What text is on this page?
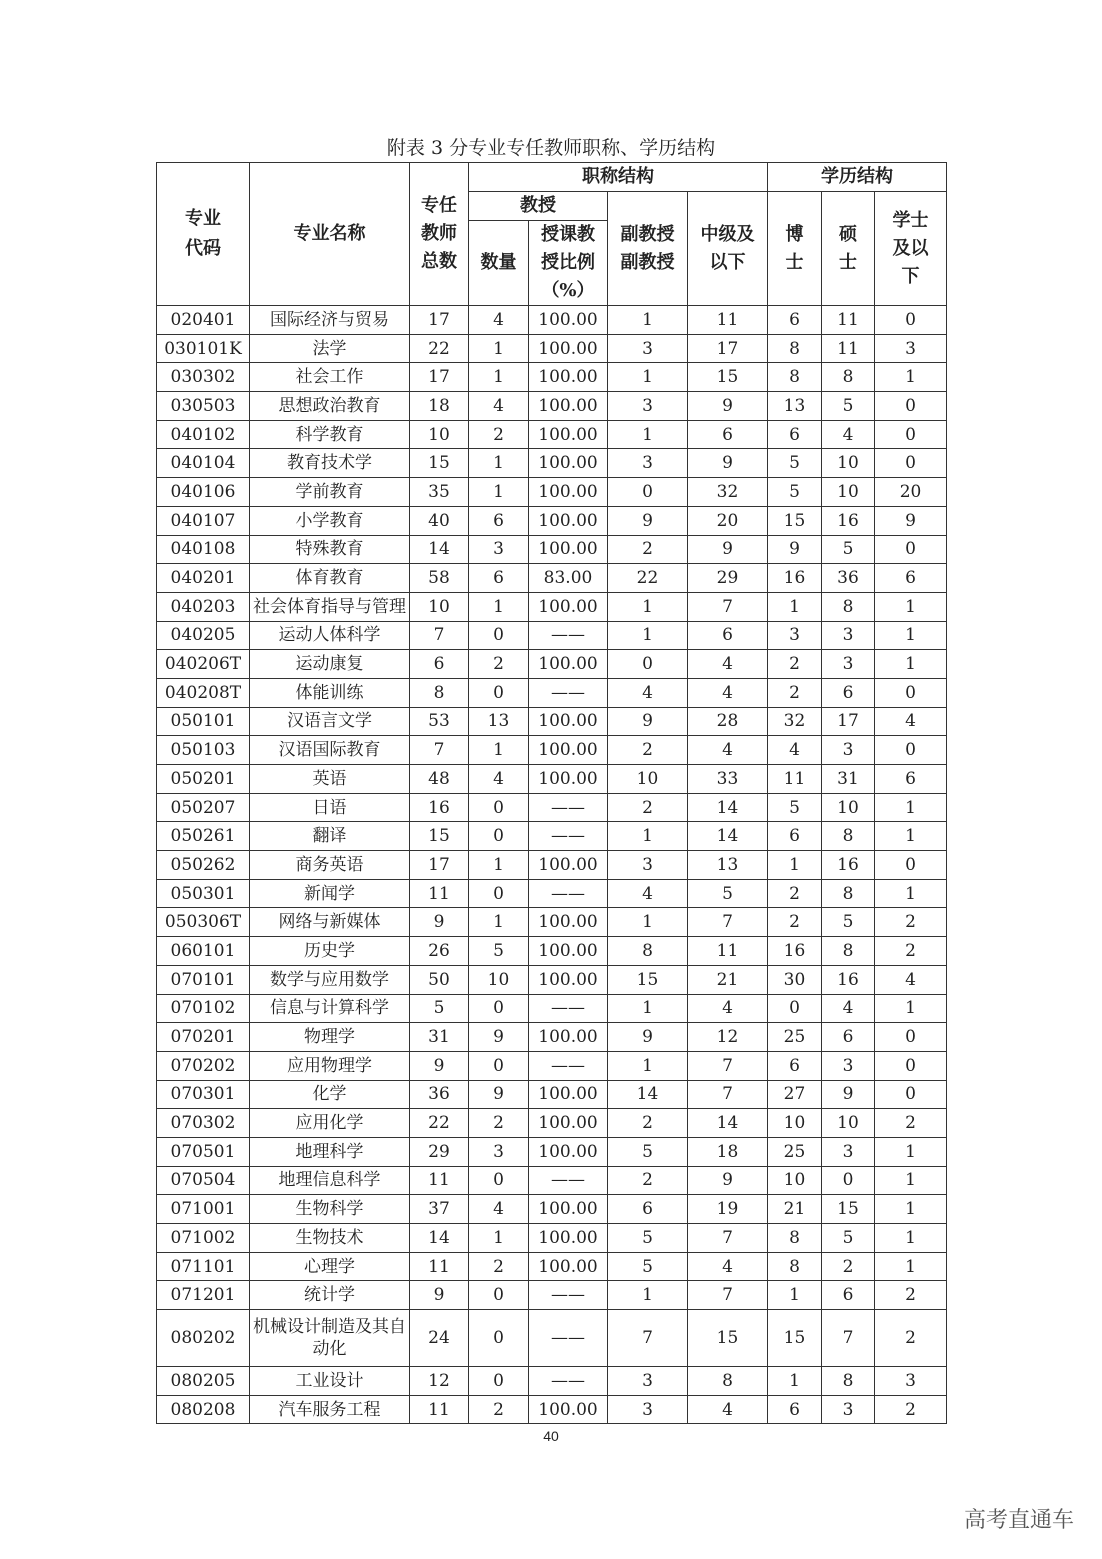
附表 3 分专业专任教师职称、学历结构
专业代码	专业名称	专任教师总数	职称结构				学历结构		
			教授		副教授副教授	中级及以下	博士	硕士	学士及以下

			数量	授课教授比例（%）					

020401	国际经济与贸易	17	4	100.00	1	11	6	11	0
030101K	法学	22	1	100.00	3	17	8	11	3
030302	社会工作	17	1	100.00	1	15	8	8	1
030503	思想政治教育	18	4	100.00	3	9	13	5	0
040102	科学教育	10	2	100.00	1	6	6	4	0
040104	教育技术学	15	1	100.00	3	9	5	10	0
040106	学前教育	35	1	100.00	0	32	5	10	20
040107	小学教育	40	6	100.00	9	20	15	16	9
040108	特殊教育	14	3	100.00	2	9	9	5	0
040201	体育教育	58	6	83.00	22	29	16	36	6
040203	社会体育指导与管理	10	1	100.00	1	7	1	8	1
040205	运动人体科学	7	0	——	1	6	3	3	1
040206T	运动康复	6	2	100.00	0	4	2	3	1
040208T	体能训练	8	0	——	4	4	2	6	0
050101	汉语言文学	53	13	100.00	9	28	32	17	4
050103	汉语国际教育	7	1	100.00	2	4	4	3	0
050201	英语	48	4	100.00	10	33	11	31	6
050207	日语	16	0	——	2	14	5	10	1
050261	翻译	15	0	——	1	14	6	8	1
050262	商务英语	17	1	100.00	3	13	1	16	0
050301	新闻学	11	0	——	4	5	2	8	1
050306T	网络与新媒体	9	1	100.00	1	7	2	5	2
060101	历史学	26	5	100.00	8	11	16	8	2
070101	数学与应用数学	50	10	100.00	15	21	30	16	4
070102	信息与计算科学	5	0	——	1	4	0	4	1
070201	物理学	31	9	100.00	9	12	25	6	0
070202	应用物理学	9	0	——	1	7	6	3	0
070301	化学	36	9	100.00	14	7	27	9	0
070302	应用化学	22	2	100.00	2	14	10	10	2
070501	地理科学	29	3	100.00	5	18	25	3	1
070504	地理信息科学	11	0	——	2	9	10	0	1
071001	生物科学	37	4	100.00	6	19	21	15	1
071002	生物技术	14	1	100.00	5	7	8	5	1
071101	心理学	11	2	100.00	5	4	8	2	1
071201	统计学	9	0	——	1	7	1	6	2
080202	机械设计制造及其自动化	24	0	——	7	15	15	7	2
080205	工业设计	12	0	——	3	8	1	8	3
080208	汽车服务工程	11	2	100.00	3	4	6	3	2
40
高考直通车
